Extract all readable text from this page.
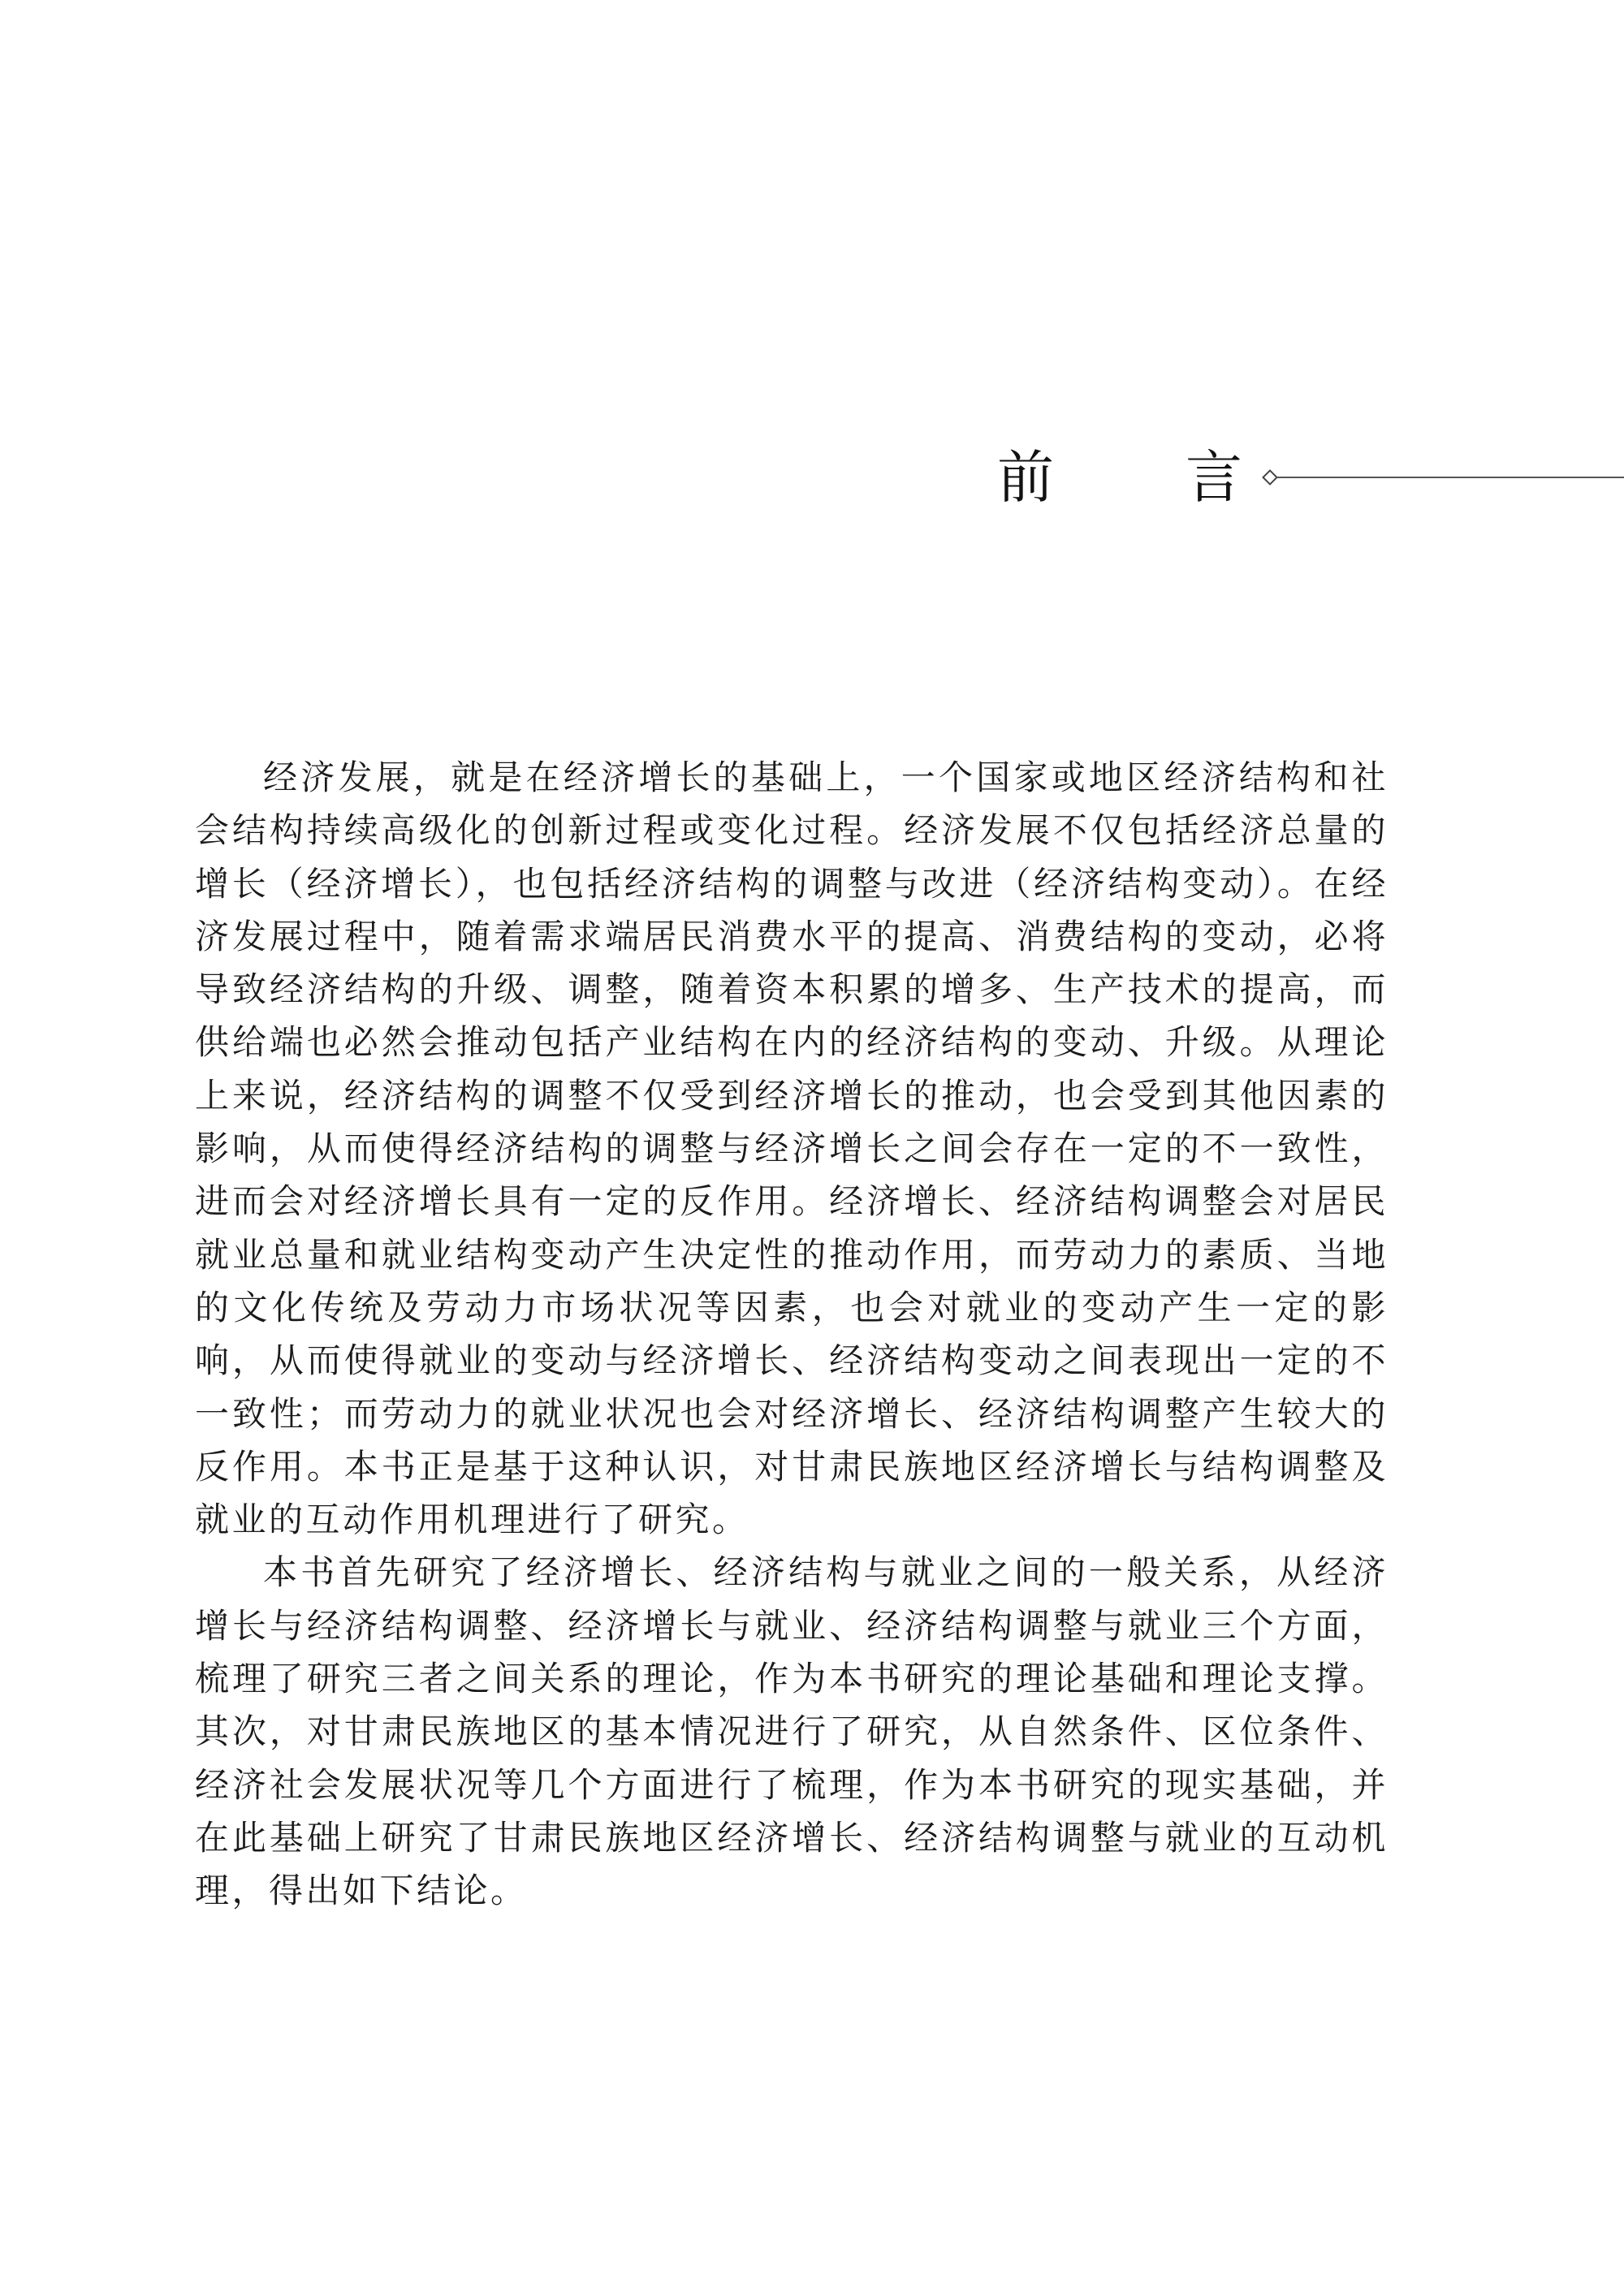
前 言

经济发展，就是在经济增长的基础上，一个国家或地区经济结构和社会结构持续高级化的创新过程或变化过程。经济发展不仅包括经济总量的增长（经济增长），也包括经济结构的调整与改进（经济结构变动）。在经济发展过程中，随着需求端居民消费水平的提高、消费结构的变动，必将导致经济结构的升级、调整，随着资本积累的增多、生产技术的提高，而供给端也必然会推动包括产业结构在内的经济结构的变动、升级。从理论上来说，经济结构的调整不仅受到经济增长的推动，也会受到其他因素的影响，从而使得经济结构的调整与经济增长之间会存在一定的不一致性，进而会对经济增长具有一定的反作用。经济增长、经济结构调整会对居民就业总量和就业结构变动产生决定性的推动作用，而劳动力的素质、当地的文化传统及劳动力市场状况等因素，也会对就业的变动产生一定的影响，从而使得就业的变动与经济增长、经济结构变动之间表现出一定的不一致性；而劳动力的就业状况也会对经济增长、经济结构调整产生较大的反作用。本书正是基于这种认识，对甘肃民族地区经济增长与结构调整及就业的互动作用机理进行了研究。

本书首先研究了经济增长、经济结构与就业之间的一般关系，从经济增长与经济结构调整、经济增长与就业、经济结构调整与就业三个方面，梳理了研究三者之间关系的理论，作为本书研究的理论基础和理论支撑。其次，对甘肃民族地区的基本情况进行了研究，从自然条件、区位条件、经济社会发展状况等几个方面进行了梳理，作为本书研究的现实基础，并在此基础上研究了甘肃民族地区经济增长、经济结构调整与就业的互动机理，得出如下结论。
